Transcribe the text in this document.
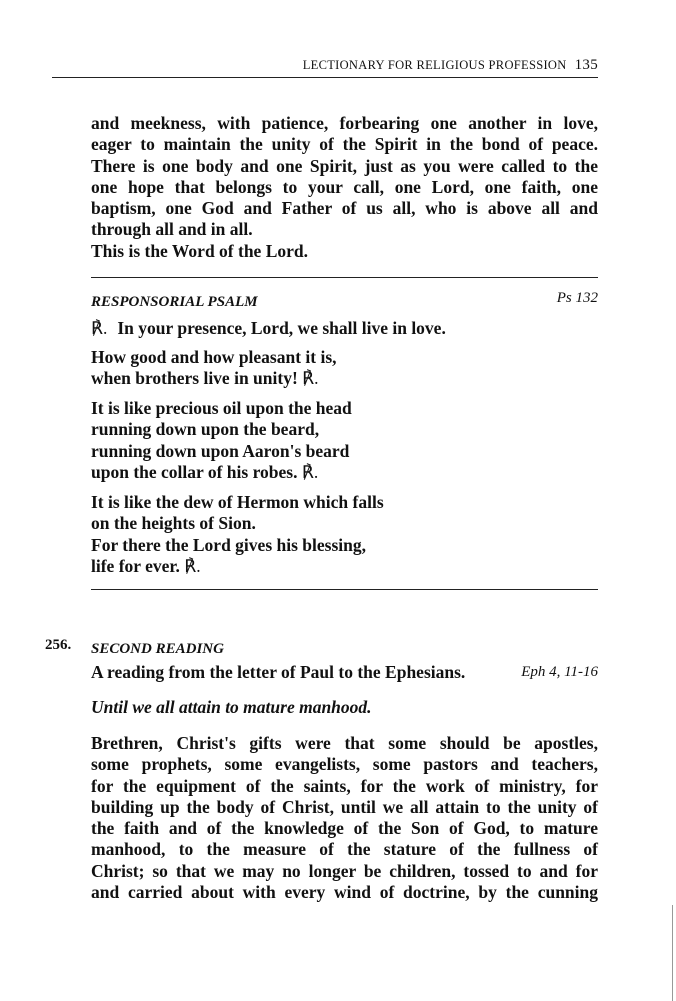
LECTIONARY FOR RELIGIOUS PROFESSION 135
and meekness, with patience, forbearing one another in love,
eager to maintain the unity of the Spirit in the bond of peace.
There is one body and one Spirit, just as you were called to the
one hope that belongs to your call, one Lord, one faith, one
baptism, one God and Father of us all, who is above all and
through all and in all.
This is the Word of the Lord.
RESPONSORIAL PSALM	Ps 132
℟. In your presence, Lord, we shall live in love.
How good and how pleasant it is,
when brothers live in unity! ℟.
It is like precious oil upon the head
running down upon the beard,
running down upon Aaron's beard
upon the collar of his robes. ℟.
It is like the dew of Hermon which falls
on the heights of Sion.
For there the Lord gives his blessing,
life for ever. ℟.
256. SECOND READING
A reading from the letter of Paul to the Ephesians.	Eph 4, 11-16
Until we all attain to mature manhood.
Brethren, Christ's gifts were that some should be apostles,
some prophets, some evangelists, some pastors and teachers,
for the equipment of the saints, for the work of ministry, for
building up the body of Christ, until we all attain to the unity of
the faith and of the knowledge of the Son of God, to mature
manhood, to the measure of the stature of the fullness of
Christ; so that we may no longer be children, tossed to and for
and carried about with every wind of doctrine, by the cunning
